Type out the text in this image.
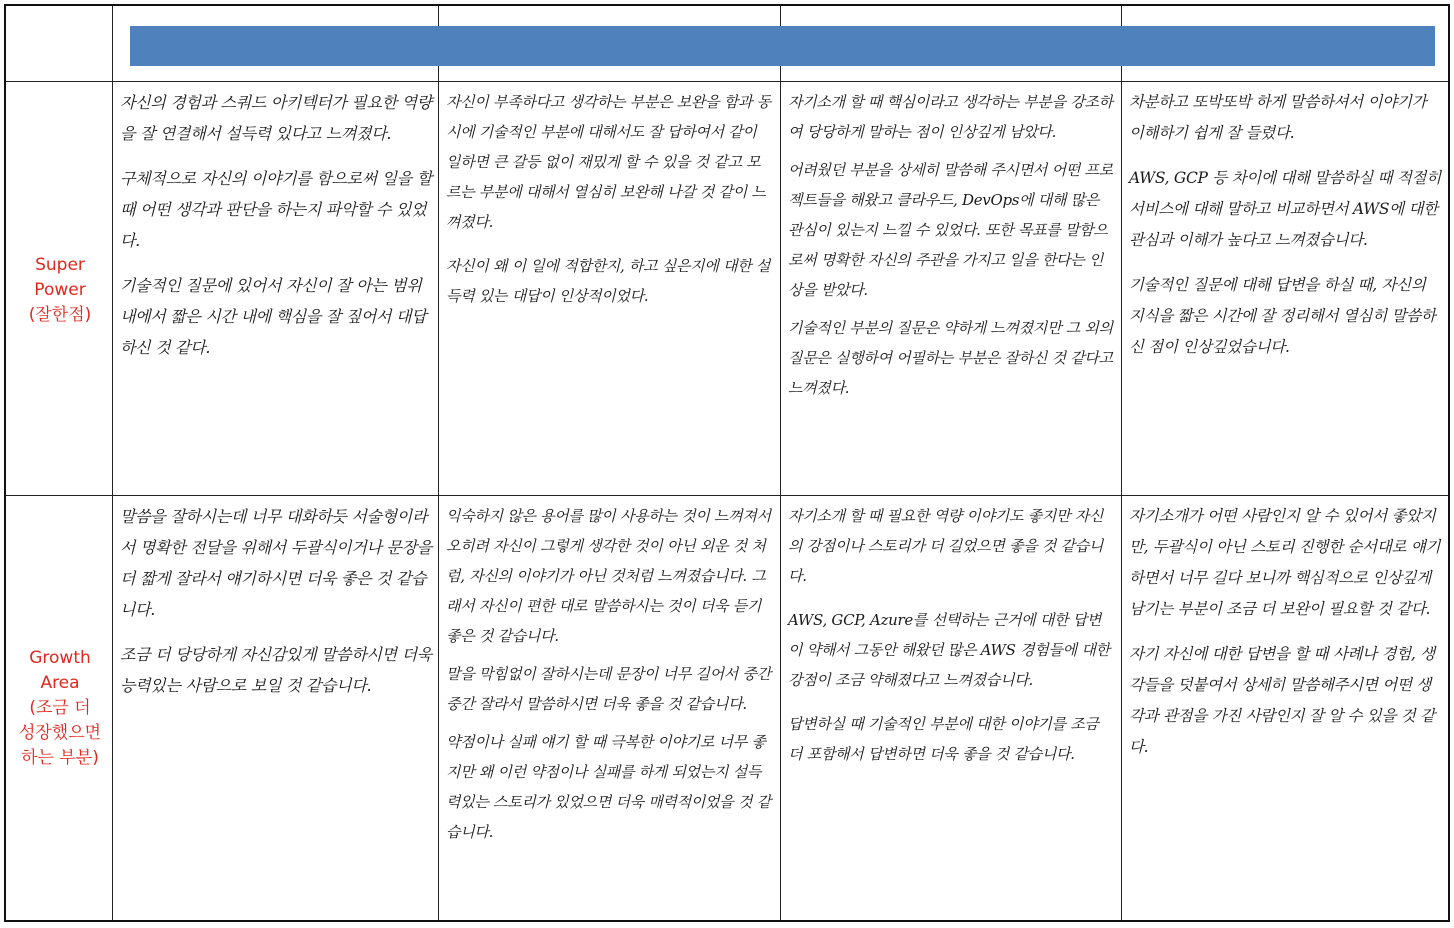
Super
Power
(잘한점)
Growth
Area
(조금 더
성장했으면
하는 부분)

자신의 경험과 스쿼드 아키텍터가 필요한 역량을 잘 연결해서 설득력 있다고 느껴졌다.

구체적으로 자신의 이야기를 함으로써 일을 할 때 어떤 생각과 판단을 하는지 파악할 수 있었다.

기술적인 질문에 있어서 자신이 잘 아는 범위 내에서 짧은 시간 내에 핵심을 잘 짚어서 대답하신 것 같다.

자신이 부족하다고 생각하는 부분은 보완을 함과 동시에 기술적인 부분에 대해서도 잘 답하여서 같이 일하면 큰 갈등 없이 재밌게 할 수 있을 것 같고 모르는 부분에 대해서 열심히 보완해 나갈 것 같이 느껴졌다.

자신이 왜 이 일에 적합한지, 하고 싶은지에 대한 설득력 있는 대답이 인상적이었다.

자기소개 할 때 핵심이라고 생각하는 부분을 강조하여 당당하게 말하는 점이 인상깊게 남았다.

어려웠던 부분을 상세히 말씀해 주시면서 어떤 프로젝트들을 해왔고 클라우드, DevOps에 대해 많은 관심이 있는지 느낄 수 있었다. 또한 목표를 말함으로써 명확한 자신의 주관을 가지고 일을 한다는 인상을 받았다.

기술적인 부분의 질문은 약하게 느껴졌지만 그 외의 질문은 실행하여 어필하는 부분은 잘하신 것 같다고 느껴졌다.

차분하고 또박또박 하게 말씀하셔서 이야기가 이해하기 쉽게 잘 들렸다.

AWS, GCP 등 차이에 대해 말씀하실 때 적절히 서비스에 대해 말하고 비교하면서 AWS에 대한 관심과 이해가 높다고 느껴졌습니다.

기술적인 질문에 대해 답변을 하실 때, 자신의 지식을 짧은 시간에 잘 정리해서 열심히 말씀하신 점이 인상깊었습니다.

말씀을 잘하시는데 너무 대화하듯 서술형이라서 명확한 전달을 위해서 두괄식이거나 문장을 더 짧게 잘라서 얘기하시면 더욱 좋은 것 같습니다.

조금 더 당당하게 자신감있게 말씀하시면 더욱 능력있는 사람으로 보일 것 같습니다.

익숙하지 않은 용어를 많이 사용하는 것이 느껴져서 오히려 자신이 그렇게 생각한 것이 아닌 외운 것 처럼, 자신의 이야기가 아닌 것처럼 느껴졌습니다. 그래서 자신이 편한 대로 말씀하시는 것이 더욱 듣기 좋은 것 같습니다.

말을 막힘없이 잘하시는데 문장이 너무 길어서 중간 중간 잘라서 말씀하시면 더욱 좋을 것 같습니다.

약점이나 실패 얘기 할 때 극복한 이야기로 너무 좋지만 왜 이런 약점이나 실패를 하게 되었는지 설득력있는 스토리가 있었으면 더욱 매력적이었을 것 같습니다.

자기소개 할 때 필요한 역량 이야기도 좋지만 자신의 강점이나 스토리가 더 길었으면 좋을 것 같습니다.

AWS, GCP, Azure를 선택하는 근거에 대한 답변이 약해서 그동안 해왔던 많은 AWS 경험들에 대한 강점이 조금 약해졌다고 느껴졌습니다.

답변하실 때 기술적인 부분에 대한 이야기를 조금 더 포함해서 답변하면 더욱 좋을 것 같습니다.

자기소개가 어떤 사람인지 알 수 있어서 좋았지만, 두괄식이 아닌 스토리 진행한 순서대로 얘기하면서 너무 길다 보니까 핵심적으로 인상깊게 남기는 부분이 조금 더 보완이 필요할 것 같다.

자기 자신에 대한 답변을 할 때 사례나 경험, 생각들을 덧붙여서 상세히 말씀해주시면 어떤 생각과 관점을 가진 사람인지 잘 알 수 있을 것 같다.
